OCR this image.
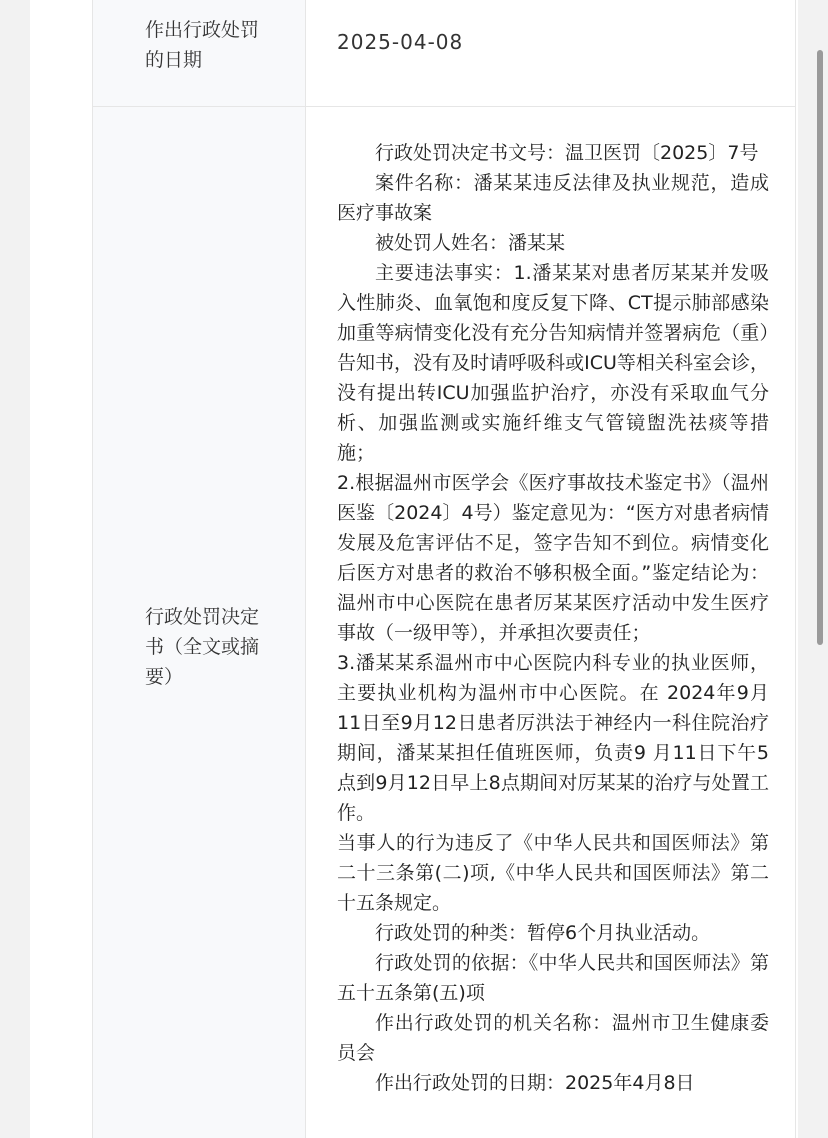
作出行政处罚的日期
2025-04-08
行政处罚决定书（全文或摘要）

行政处罚决定书文号：温卫医罚〔2025〕7号

案件名称：潘某某违反法律及执业规范，造成医疗事故案

被处罚人姓名：潘某某

主要违法事实：1.潘某某对患者厉某某并发吸入性肺炎、血氧饱和度反复下降、CT提示肺部感染加重等病情变化没有充分告知病情并签署病危（重）告知书，没有及时请呼吸科或ICU等相关科室会诊，没有提出转ICU加强监护治疗，亦没有采取血气分析、加强监测或实施纤维支气管镜盥洗祛痰等措施；

2.根据温州市医学会《医疗事故技术鉴定书》（温州医鉴〔2024〕4号）鉴定意见为：“医方对患者病情发展及危害评估不足，签字告知不到位。病情变化后医方对患者的救治不够积极全面。”鉴定结论为：温州市中心医院在患者厉某某医疗活动中发生医疗事故（一级甲等），并承担次要责任；

3.潘某某系温州市中心医院内科专业的执业医师，主要执业机构为温州市中心医院。在 2024年9月11日至9月12日患者厉洪法于神经内一科住院治疗期间，潘某某担任值班医师，负责9 月11日下午5点到9月12日早上8点期间对厉某某的治疗与处置工作。

当事人的行为违反了《中华人民共和国医师法》第二十三条第(二)项,《中华人民共和国医师法》第二十五条规定。

行政处罚的种类：暂停6个月执业活动。

行政处罚的依据：《中华人民共和国医师法》第五十五条第(五)项

作出行政处罚的机关名称：温州市卫生健康委员会

作出行政处罚的日期：2025年4月8日
